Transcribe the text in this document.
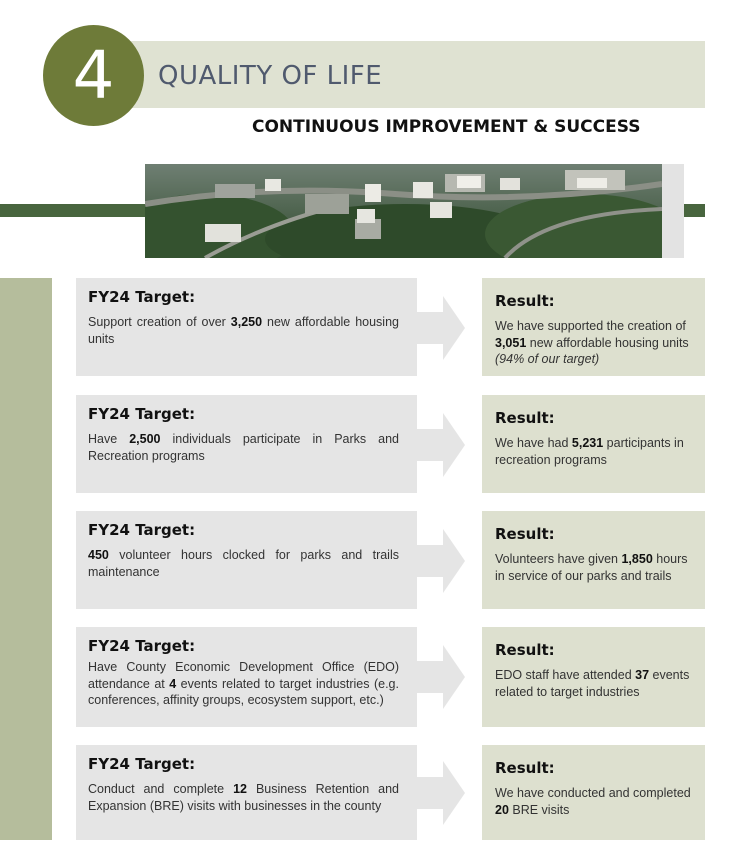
QUALITY OF LIFE
4
CONTINUOUS IMPROVEMENT & SUCCESS
FY24 Target:
Support creation of over 3,250 new affordable housing units
Result:
We have supported the creation of 3,051 new affordable housing units (94% of our target)
FY24 Target:
Have 2,500 individuals participate in Parks and Recreation programs
Result:
We have had 5,231 participants in recreation programs
FY24 Target:
450 volunteer hours clocked for parks and trails maintenance
Result:
Volunteers have given 1,850 hours in service of our parks and trails
FY24 Target:
Have County Economic Development Office (EDO) attendance at 4 events related to target industries (e.g. conferences, affinity groups, ecosystem support, etc.)
Result:
EDO staff have attended 37 events related to target industries
FY24 Target:
Conduct and complete 12 Business Retention and Expansion (BRE) visits with businesses in the county
Result:
We have conducted and completed 20 BRE visits
